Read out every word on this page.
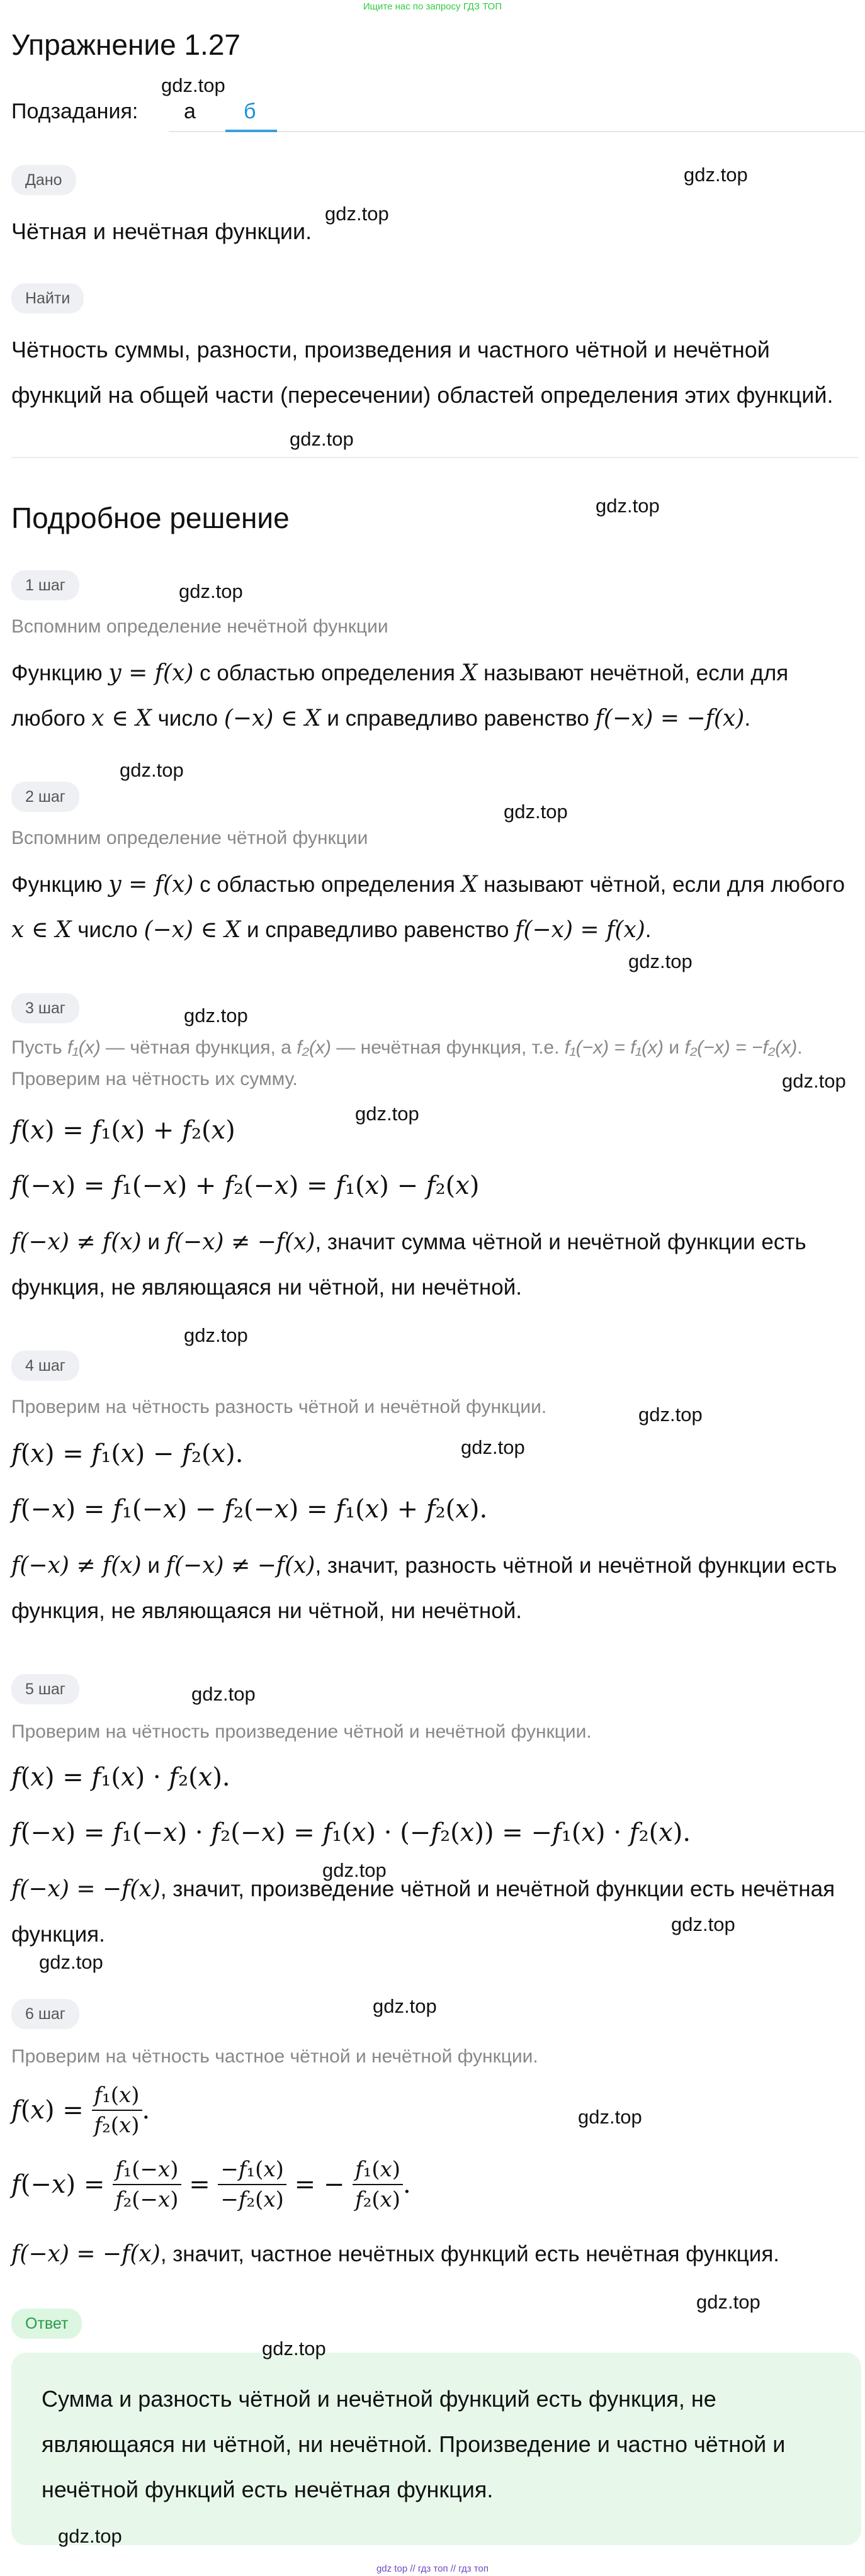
Ищите нас по запросу ГДЗ ТОП
Упражнение 1.27
Подзадания: а б
Дано
Чётная и нечётная функции.
Найти
Чётность суммы, разности, произведения и частного чётной и нечётной функций на общей части (пересечении) областей определения этих функций.
Подробное решение
1 шаг
Вспомним определение нечётной функции
Функцию y = f(x) с областью определения X называют нечётной, если для любого x ∈ X число (−x) ∈ X и справедливо равенство f(−x) = −f(x).
2 шаг
Вспомним определение чётной функции
Функцию y = f(x) с областью определения X называют чётной, если для любого x ∈ X число (−x) ∈ X и справедливо равенство f(−x) = f(x).
3 шаг
Пусть f₁(x) — чётная функция, а f₂(x) — нечётная функция, т.е. f₁(−x) = f₁(x) и f₂(−x) = −f₂(x). Проверим на чётность их сумму.
f(x) = f₁(x) + f₂(x)
f(−x) = f₁(−x) + f₂(−x) = f₁(x) − f₂(x)
f(−x) ≠ f(x) и f(−x) ≠ −f(x), значит сумма чётной и нечётной функции есть функция, не являющаяся ни чётной, ни нечётной.
4 шаг
Проверим на чётность разность чётной и нечётной функции.
f(x) = f₁(x) − f₂(x).
f(−x) = f₁(−x) − f₂(−x) = f₁(x) + f₂(x).
f(−x) ≠ f(x) и f(−x) ≠ −f(x), значит, разность чётной и нечётной функции есть функция, не являющаяся ни чётной, ни нечётной.
5 шаг
Проверим на чётность произведение чётной и нечётной функции.
f(x) = f₁(x) · f₂(x).
f(−x) = f₁(−x) · f₂(−x) = f₁(x) · (−f₂(x)) = −f₁(x) · f₂(x).
f(−x) = −f(x), значит, произведение чётной и нечётной функции есть нечётная функция.
6 шаг
Проверим на чётность частное чётной и нечётной функции.
$f(x) = \frac{\text{f₁(x)}}{\text{f₂(x)}}$ .
$f(-x) = \frac{\text{f₁(−x)}}{\text{f₂(−x)}} = \frac{\text{−f₁(x)}}{\text{−f₂(x)}}$ = − $\frac{\text{f₁(x)}}{\text{f₂(x)}}$ .
f(−x) = −f(x), значит, частное нечётных функций есть нечётная функция.
Ответ
Сумма и разность чётной и нечётной функций есть функция, не являющаяся ни чётной, ни нечётной. Произведение и частно чётной и нечётной функций есть нечётная функция.
gdz.top
gdz.top
gdz.top
gdz.top
gdz.top
gdz.top
gdz.top
gdz.top
gdz.top
gdz.top
gdz.top
gdz.top
gdz.top
gdz.top
gdz.top
gdz.top
gdz.top
gdz.top
gdz.top
gdz.top
gdz.top
gdz.top
gdz.top
gdz.top
gdz top // гдз топ // гдз топ
